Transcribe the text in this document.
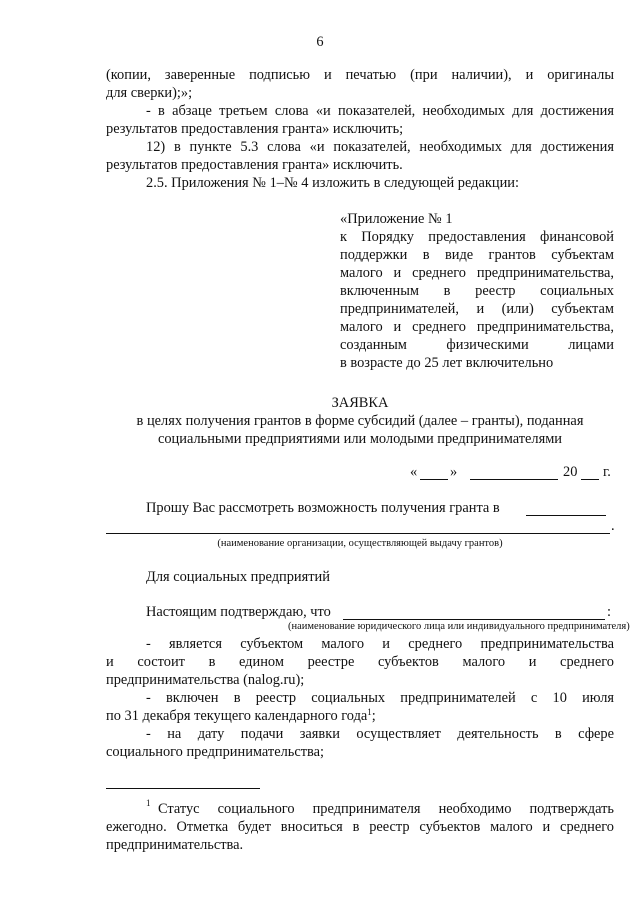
6
(копии, заверенные подписью и печатью (при наличии), и оригиналы
для сверки);»;
- в абзаце третьем слова «и показателей, необходимых для достижения
результатов предоставления гранта» исключить;
12) в пункте 5.3 слова «и показателей, необходимых для достижения
результатов предоставления гранта» исключить.
2.5. Приложения № 1–№ 4 изложить в следующей редакции:
«Приложение № 1
к Порядку предоставления финансовой
поддержки в виде грантов субъектам
малого и среднего предпринимательства,
включенным в реестр социальных
предпринимателей, и (или) субъектам
малого и среднего предпринимательства,
созданным физическими лицами
в возрасте до 25 лет включительно
ЗАЯВКА
в целях получения грантов в форме субсидий (далее – гранты), поданная
социальными предприятиями или молодыми предпринимателями
« »	20 г.
Прошу Вас рассмотреть возможность получения гранта в
.
(наименование организации, осуществляющей выдачу грантов)
Для социальных предприятий
Настоящим подтверждаю, что	:
(наименование юридического лица или индивидуального предпринимателя)
- является субъектом малого и среднего предпринимательства
и состоит в едином реестре субъектов малого и среднего
предпринимательства (nalog.ru);
- включен в реестр социальных предпринимателей с 10 июля
по 31 декабря текущего календарного года$^1$;
- на дату подачи заявки осуществляет деятельность в сфере
социального предпринимательства;
$^1$ Статус социального предпринимателя необходимо подтверждать
ежегодно. Отметка будет вноситься в реестр субъектов малого и среднего
предпринимательства.
